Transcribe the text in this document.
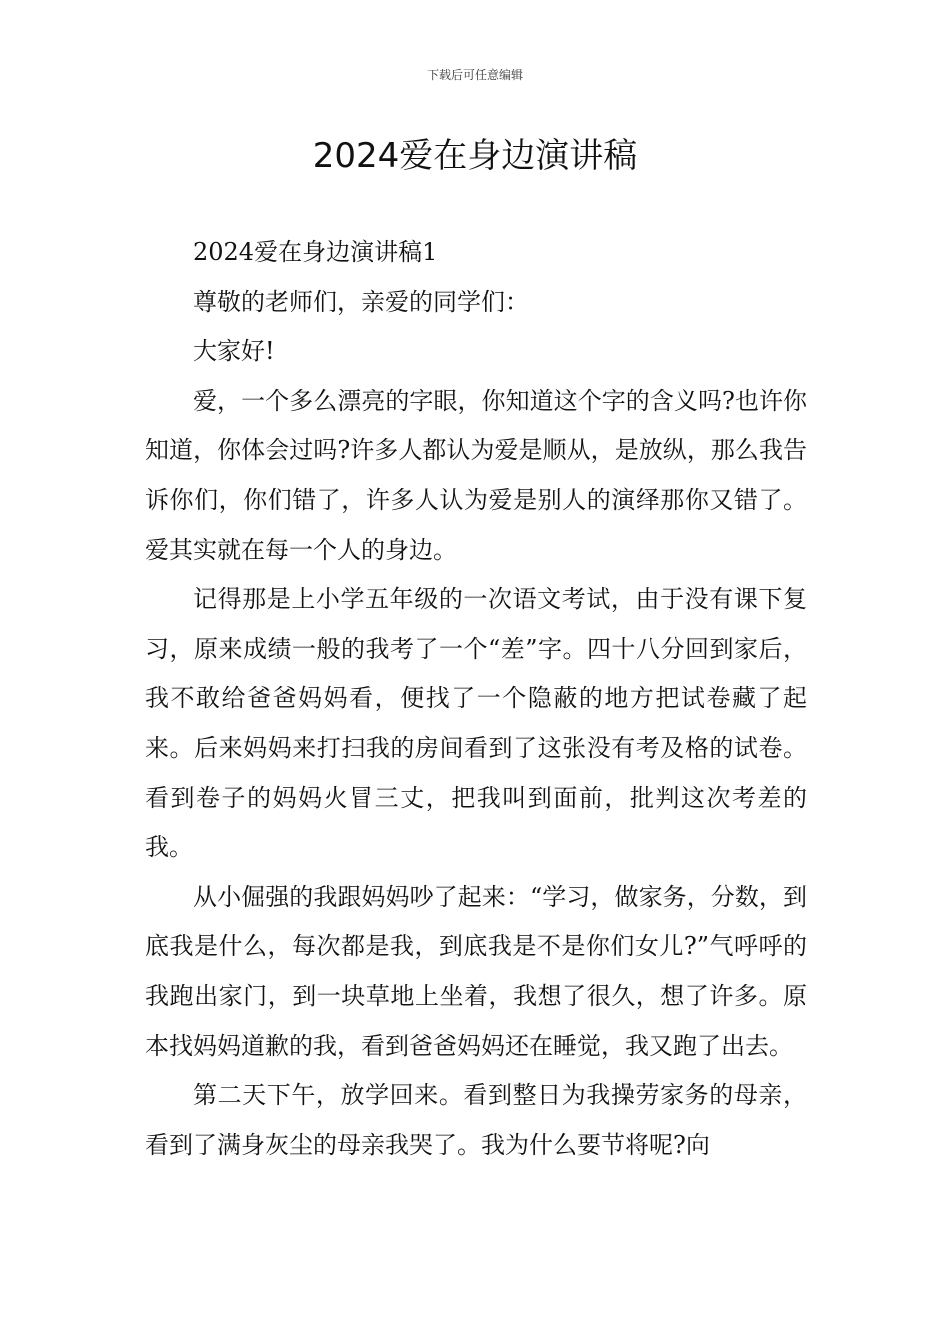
下载后可任意编辑
2024爱在身边演讲稿

2024爱在身边演讲稿1

尊敬的老师们，亲爱的同学们：

大家好!

爱，一个多么漂亮的字眼，你知道这个字的含义吗?也许你知道，你体会过吗?许多人都认为爱是顺从，是放纵，那么我告诉你们，你们错了，许多人认为爱是别人的演绎那你又错了。爱其实就在每一个人的身边。

记得那是上小学五年级的一次语文考试，由于没有课下复习，原来成绩一般的我考了一个“差”字。四十八分回到家后，我不敢给爸爸妈妈看，便找了一个隐蔽的地方把试卷藏了起来。后来妈妈来打扫我的房间看到了这张没有考及格的试卷。看到卷子的妈妈火冒三丈，把我叫到面前，批判这次考差的我。

从小倔强的我跟妈妈吵了起来：“学习，做家务，分数，到底我是什么，每次都是我，到底我是不是你们女儿?”气呼呼的我跑出家门，到一块草地上坐着，我想了很久，想了许多。原本找妈妈道歉的我，看到爸爸妈妈还在睡觉，我又跑了出去。

第二天下午，放学回来。看到整日为我操劳家务的母亲，看到了满身灰尘的母亲我哭了。我为什么要节将呢?向
